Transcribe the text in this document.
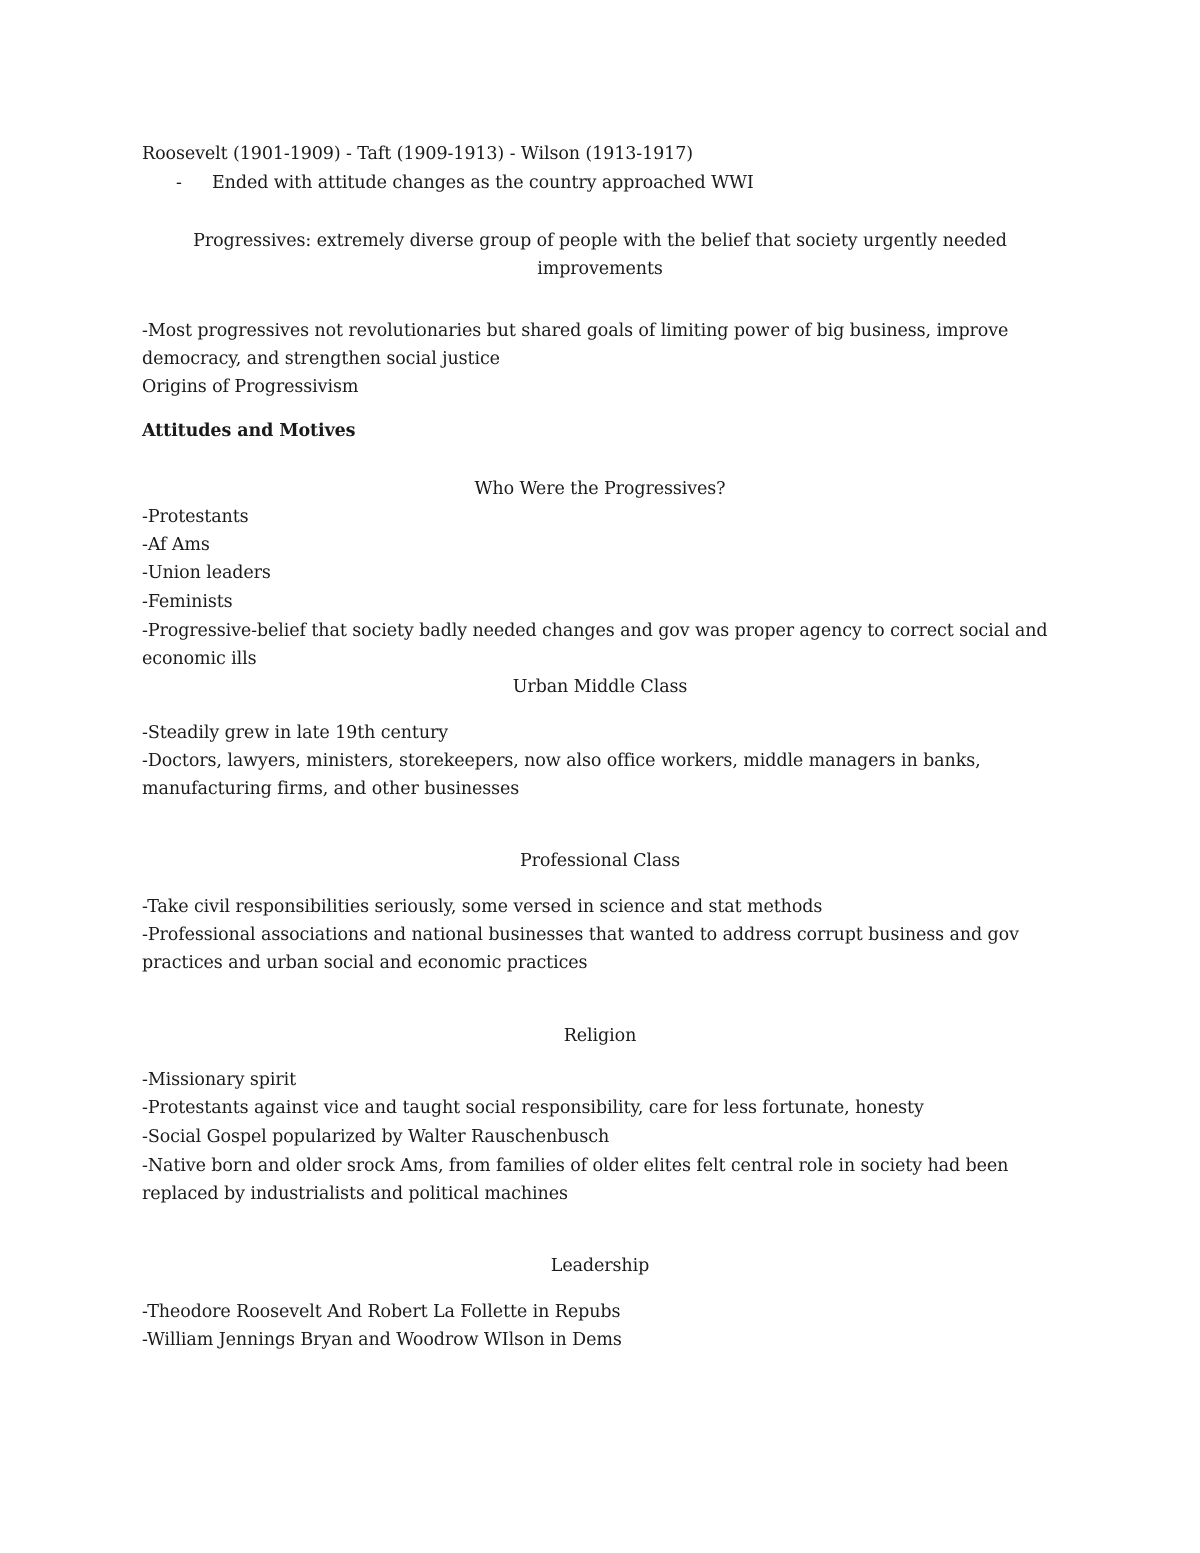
Roosevelt (1901-1909) - Taft (1909-1913) - Wilson (1913-1917)
- Ended with attitude changes as the country approached WWI
Progressives: extremely diverse group of people with the belief that society urgently needed
improvements
-Most progressives not revolutionaries but shared goals of limiting power of big business, improve
democracy, and strengthen social justice
Origins of Progressivism
Attitudes and Motives
Who Were the Progressives?
-Protestants
-Af Ams
-Union leaders
-Feminists
-Progressive-belief that society badly needed changes and gov was proper agency to correct social and
economic ills
Urban Middle Class
-Steadily grew in late 19th century
-Doctors, lawyers, ministers, storekeepers, now also office workers, middle managers in banks,
manufacturing firms, and other businesses
Professional Class
-Take civil responsibilities seriously, some versed in science and stat methods
-Professional associations and national businesses that wanted to address corrupt business and gov
practices and urban social and economic practices
Religion
-Missionary spirit
-Protestants against vice and taught social responsibility, care for less fortunate, honesty
-Social Gospel popularized by Walter Rauschenbusch
-Native born and older srock Ams, from families of older elites felt central role in society had been
replaced by industrialists and political machines
Leadership
-Theodore Roosevelt And Robert La Follette in Repubs
-William Jennings Bryan and Woodrow WIlson in Dems
